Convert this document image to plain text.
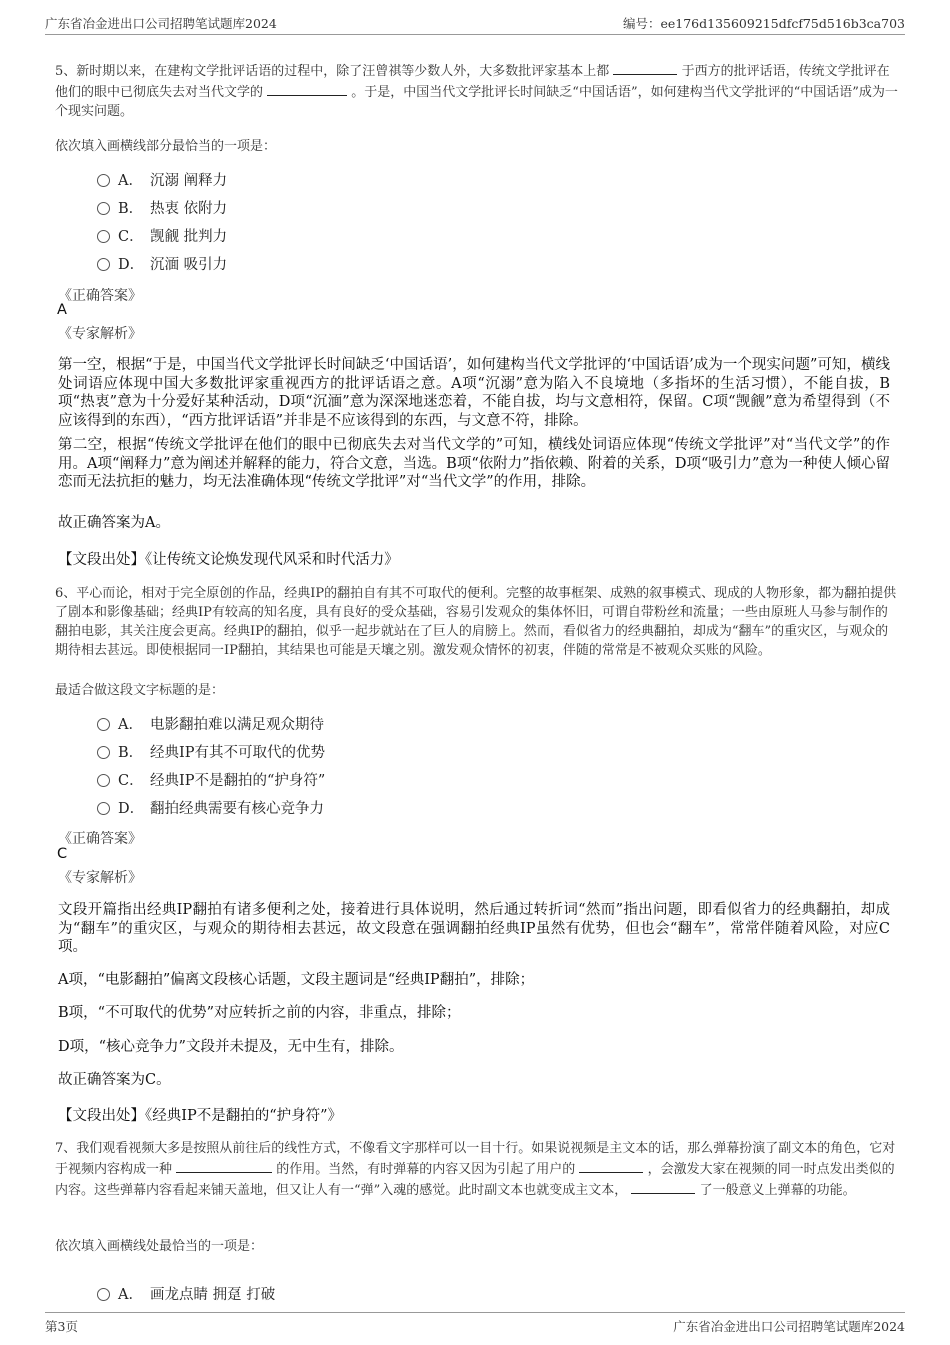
广东省冶金进出口公司招聘笔试题库2024	编号：ee176d135609215dfcf75d516b3ca703
5、新时期以来，在建构文学批评话语的过程中，除了汪曾祺等少数人外，大多数批评家基本上都	于西方的批评话语，传统文学批评在他们的眼中已彻底失去对当代文学的	。于是，中国当代文学批评长时间缺乏“中国话语”，如何建构当代文学批评的“中国话语”成为一个现实问题。
依次填入画横线部分最恰当的一项是：
A． 沉溺 阐释力
B． 热衷 依附力
C． 觊觎 批判力
D． 沉湎 吸引力
《正确答案》
A
《专家解析》
第一空，根据“于是，中国当代文学批评长时间缺乏‘中国话语’，如何建构当代文学批评的‘中国话语’成为一个现实问题”可知，横线处词语应体现中国大多数批评家重视西方的批评话语之意。A项“沉溺”意为陷入不良境地（多指坏的生活习惯），不能自拔，B项“热衷”意为十分爱好某种活动，D项“沉湎”意为深深地迷恋着，不能自拔，均与文意相符，保留。C项“觊觎”意为希望得到（不应该得到的东西），“西方批评话语”并非是不应该得到的东西，与文意不符，排除。
第二空，根据“传统文学批评在他们的眼中已彻底失去对当代文学的”可知，横线处词语应体现“传统文学批评”对“当代文学”的作用。A项“阐释力”意为阐述并解释的能力，符合文意，当选。B项“依附力”指依赖、附着的关系，D项“吸引力”意为一种使人倾心留恋而无法抗拒的魅力，均无法准确体现“传统文学批评”对“当代文学”的作用，排除。
故正确答案为A。
【文段出处】《让传统文论焕发现代风采和时代活力》
6、平心而论，相对于完全原创的作品，经典IP的翻拍自有其不可取代的便利。完整的故事框架、成熟的叙事模式、现成的人物形象，都为翻拍提供了剧本和影像基础；经典IP有较高的知名度，具有良好的受众基础，容易引发观众的集体怀旧，可谓自带粉丝和流量；一些由原班人马参与制作的翻拍电影，其关注度会更高。经典IP的翻拍，似乎一起步就站在了巨人的肩膀上。然而，看似省力的经典翻拍，却成为“翻车”的重灾区，与观众的期待相去甚远。即使根据同一IP翻拍，其结果也可能是天壤之别。激发观众情怀的初衷，伴随的常常是不被观众买账的风险。
最适合做这段文字标题的是：
A． 电影翻拍难以满足观众期待
B． 经典IP有其不可取代的优势
C． 经典IP不是翻拍的“护身符”
D． 翻拍经典需要有核心竞争力
《正确答案》
C
《专家解析》
文段开篇指出经典IP翻拍有诸多便利之处，接着进行具体说明，然后通过转折词“然而”指出问题，即看似省力的经典翻拍，却成为“翻车”的重灾区，与观众的期待相去甚远，故文段意在强调翻拍经典IP虽然有优势，但也会“翻车”，常常伴随着风险，对应C项。
A项，“电影翻拍”偏离文段核心话题，文段主题词是“经典IP翻拍”，排除；
B项，“不可取代的优势”对应转折之前的内容，非重点，排除；
D项，“核心竞争力”文段并未提及，无中生有，排除。
故正确答案为C。
【文段出处】《经典IP不是翻拍的“护身符”》
7、我们观看视频大多是按照从前往后的线性方式，不像看文字那样可以一目十行。如果说视频是主文本的话，那么弹幕扮演了副文本的角色，它对于视频内容构成一种	的作用。当然，有时弹幕的内容又因为引起了用户的	，会激发大家在视频的同一时点发出类似的内容。这些弹幕内容看起来铺天盖地，但又让人有一“弹”入魂的感觉。此时副文本也就变成主文本，	了一般意义上弹幕的功能。
依次填入画横线处最恰当的一项是：
A． 画龙点睛 拥趸 打破
第3页	广东省冶金进出口公司招聘笔试题库2024
